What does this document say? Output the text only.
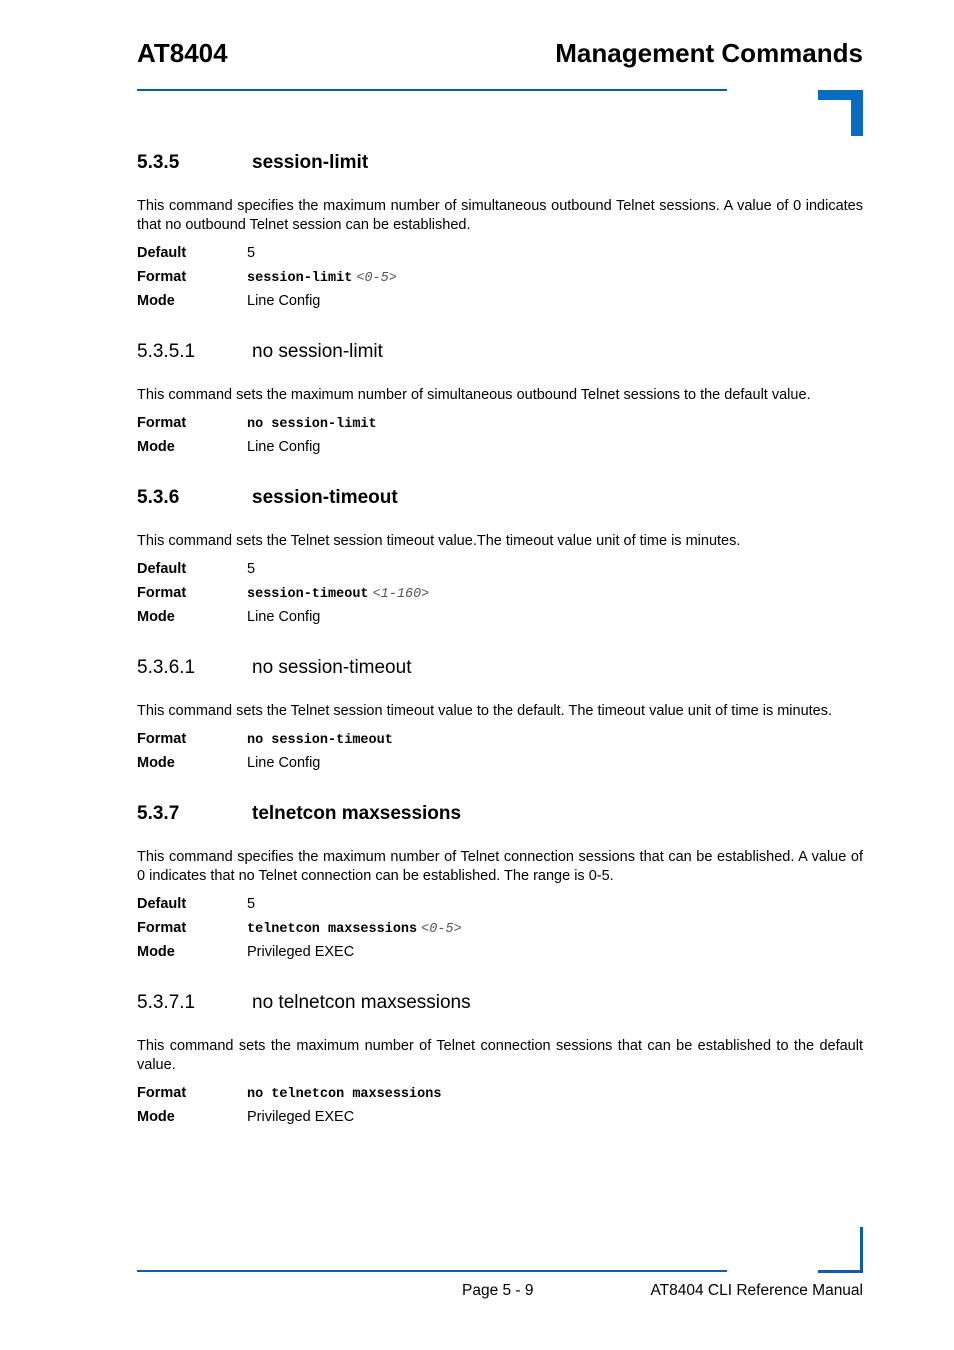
AT8404	Management Commands
5.3.5	session-limit

This command specifies the maximum number of simultaneous outbound Telnet sessions. A value of 0 indicates that no outbound Telnet session can be established.

Default	5
Format	session-limit <0-5>
Mode	Line Config
5.3.5.1	no session-limit

This command sets the maximum number of simultaneous outbound Telnet sessions to the default value.

Format	no session-limit
Mode	Line Config
5.3.6	session-timeout

This command sets the Telnet session timeout value.The timeout value unit of time is minutes.

Default	5
Format	session-timeout <1-160>
Mode	Line Config
5.3.6.1	no session-timeout

This command sets the Telnet session timeout value to the default. The timeout value unit of time is minutes.

Format	no session-timeout
Mode	Line Config
5.3.7	telnetcon maxsessions

This command specifies the maximum number of Telnet connection sessions that can be established. A value of 0 indicates that no Telnet connection can be established. The range is 0-5.

Default	5
Format	telnetcon maxsessions <0-5>
Mode	Privileged EXEC
5.3.7.1	no telnetcon maxsessions

This command sets the maximum number of Telnet connection sessions that can be established to the default value.

Format	no telnetcon maxsessions
Mode	Privileged EXEC
Page 5 - 9	AT8404 CLI Reference Manual
